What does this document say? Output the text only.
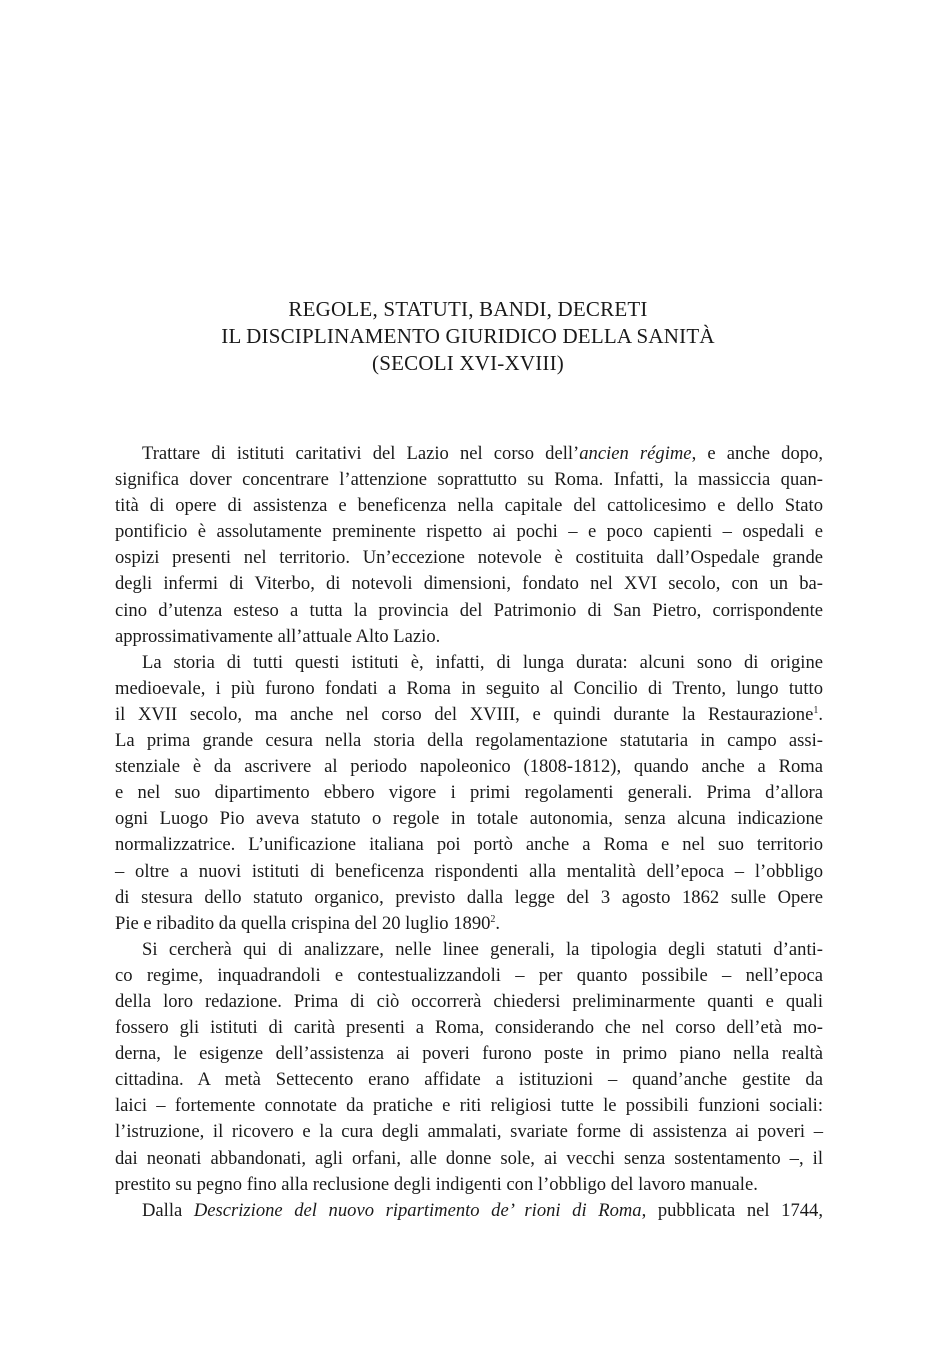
REGOLE, STATUTI, BANDI, DECRETI
IL DISCIPLINAMENTO GIURIDICO DELLA SANITÀ
(SECOLI XVI-XVIII)
Trattare di istituti caritativi del Lazio nel corso dell’ancien régime, e anche dopo,
significa dover concentrare l’attenzione soprattutto su Roma. Infatti, la massiccia quan-
tità di opere di assistenza e beneficenza nella capitale del cattolicesimo e dello Stato
pontificio è assolutamente preminente rispetto ai pochi – e poco capienti – ospedali e
ospizi presenti nel territorio. Un’eccezione notevole è costituita dall’Ospedale grande
degli infermi di Viterbo, di notevoli dimensioni, fondato nel XVI secolo, con un ba-
cino d’utenza esteso a tutta la provincia del Patrimonio di San Pietro, corrispondente
approssimativamente all’attuale Alto Lazio.
La storia di tutti questi istituti è, infatti, di lunga durata: alcuni sono di origine
medioevale, i più furono fondati a Roma in seguito al Concilio di Trento, lungo tutto
il XVII secolo, ma anche nel corso del XVIII, e quindi durante la Restaurazione$^1$.
La prima grande cesura nella storia della regolamentazione statutaria in campo assi-
stenziale è da ascrivere al periodo napoleonico (1808-1812), quando anche a Roma
e nel suo dipartimento ebbero vigore i primi regolamenti generali. Prima d’allora
ogni Luogo Pio aveva statuto o regole in totale autonomia, senza alcuna indicazione
normalizzatrice. L’unificazione italiana poi portò anche a Roma e nel suo territorio
– oltre a nuovi istituti di beneficenza rispondenti alla mentalità dell’epoca – l’obbligo
di stesura dello statuto organico, previsto dalla legge del 3 agosto 1862 sulle Opere
Pie e ribadito da quella crispina del 20 luglio 1890$^2$.
Si cercherà qui di analizzare, nelle linee generali, la tipologia degli statuti d’anti-
co regime, inquadrandoli e contestualizzandoli – per quanto possibile – nell’epoca
della loro redazione. Prima di ciò occorrerà chiedersi preliminarmente quanti e quali
fossero gli istituti di carità presenti a Roma, considerando che nel corso dell’età mo-
derna, le esigenze dell’assistenza ai poveri furono poste in primo piano nella realtà
cittadina. A metà Settecento erano affidate a istituzioni – quand’anche gestite da
laici – fortemente connotate da pratiche e riti religiosi tutte le possibili funzioni sociali:
l’istruzione, il ricovero e la cura degli ammalati, svariate forme di assistenza ai poveri –
dai neonati abbandonati, agli orfani, alle donne sole, ai vecchi senza sostentamento –, il
prestito su pegno fino alla reclusione degli indigenti con l’obbligo del lavoro manuale.
Dalla Descrizione del nuovo ripartimento de’ rioni di Roma, pubblicata nel 1744,
